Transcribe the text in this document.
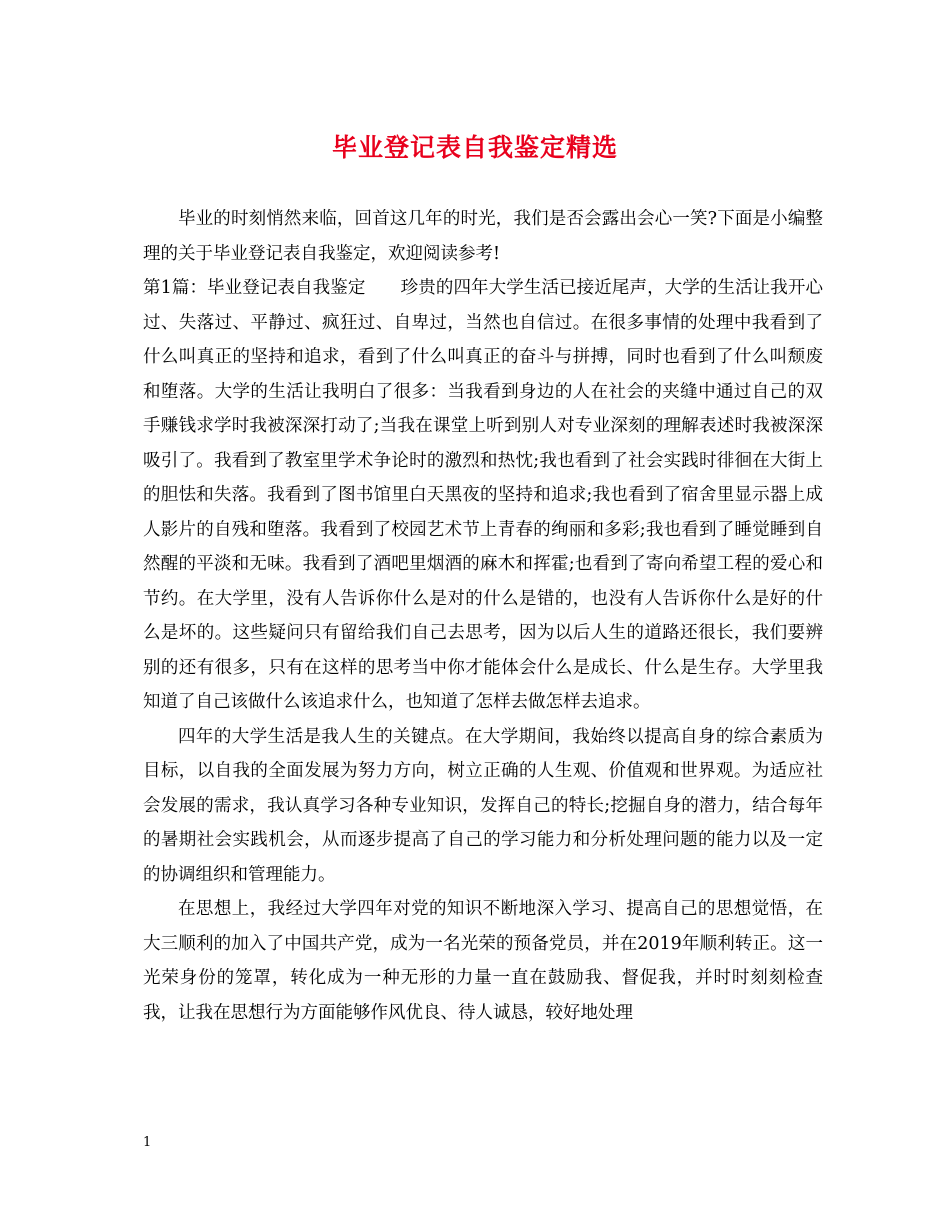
毕业登记表自我鉴定精选

毕业的时刻悄然来临，回首这几年的时光，我们是否会露出会心一笑?下面是小编整理的关于毕业登记表自我鉴定，欢迎阅读参考!

第1篇：毕业登记表自我鉴定　　珍贵的四年大学生活已接近尾声，大学的生活让我开心过、失落过、平静过、疯狂过、自卑过，当然也自信过。在很多事情的处理中我看到了什么叫真正的坚持和追求，看到了什么叫真正的奋斗与拼搏，同时也看到了什么叫颓废和堕落。大学的生活让我明白了很多：当我看到身边的人在社会的夹缝中通过自己的双手赚钱求学时我被深深打动了;当我在课堂上听到别人对专业深刻的理解表述时我被深深吸引了。我看到了教室里学术争论时的激烈和热忱;我也看到了社会实践时徘徊在大街上的胆怯和失落。我看到了图书馆里白天黑夜的坚持和追求;我也看到了宿舍里显示器上成人影片的自残和堕落。我看到了校园艺术节上青春的绚丽和多彩;我也看到了睡觉睡到自然醒的平淡和无味。我看到了酒吧里烟酒的麻木和挥霍;也看到了寄向希望工程的爱心和节约。在大学里，没有人告诉你什么是对的什么是错的，也没有人告诉你什么是好的什么是坏的。这些疑问只有留给我们自己去思考，因为以后人生的道路还很长，我们要辨别的还有很多，只有在这样的思考当中你才能体会什么是成长、什么是生存。大学里我知道了自己该做什么该追求什么，也知道了怎样去做怎样去追求。

四年的大学生活是我人生的关键点。在大学期间，我始终以提高自身的综合素质为目标，以自我的全面发展为努力方向，树立正确的人生观、价值观和世界观。为适应社会发展的需求，我认真学习各种专业知识，发挥自己的特长;挖掘自身的潜力，结合每年的暑期社会实践机会，从而逐步提高了自己的学习能力和分析处理问题的能力以及一定的协调组织和管理能力。

在思想上，我经过大学四年对党的知识不断地深入学习、提高自己的思想觉悟，在大三顺利的加入了中国共产党，成为一名光荣的预备党员，并在2019年顺利转正。这一光荣身份的笼罩，转化成为一种无形的力量一直在鼓励我、督促我，并时时刻刻检查我，让我在思想行为方面能够作风优良、待人诚恳，较好地处理

1
